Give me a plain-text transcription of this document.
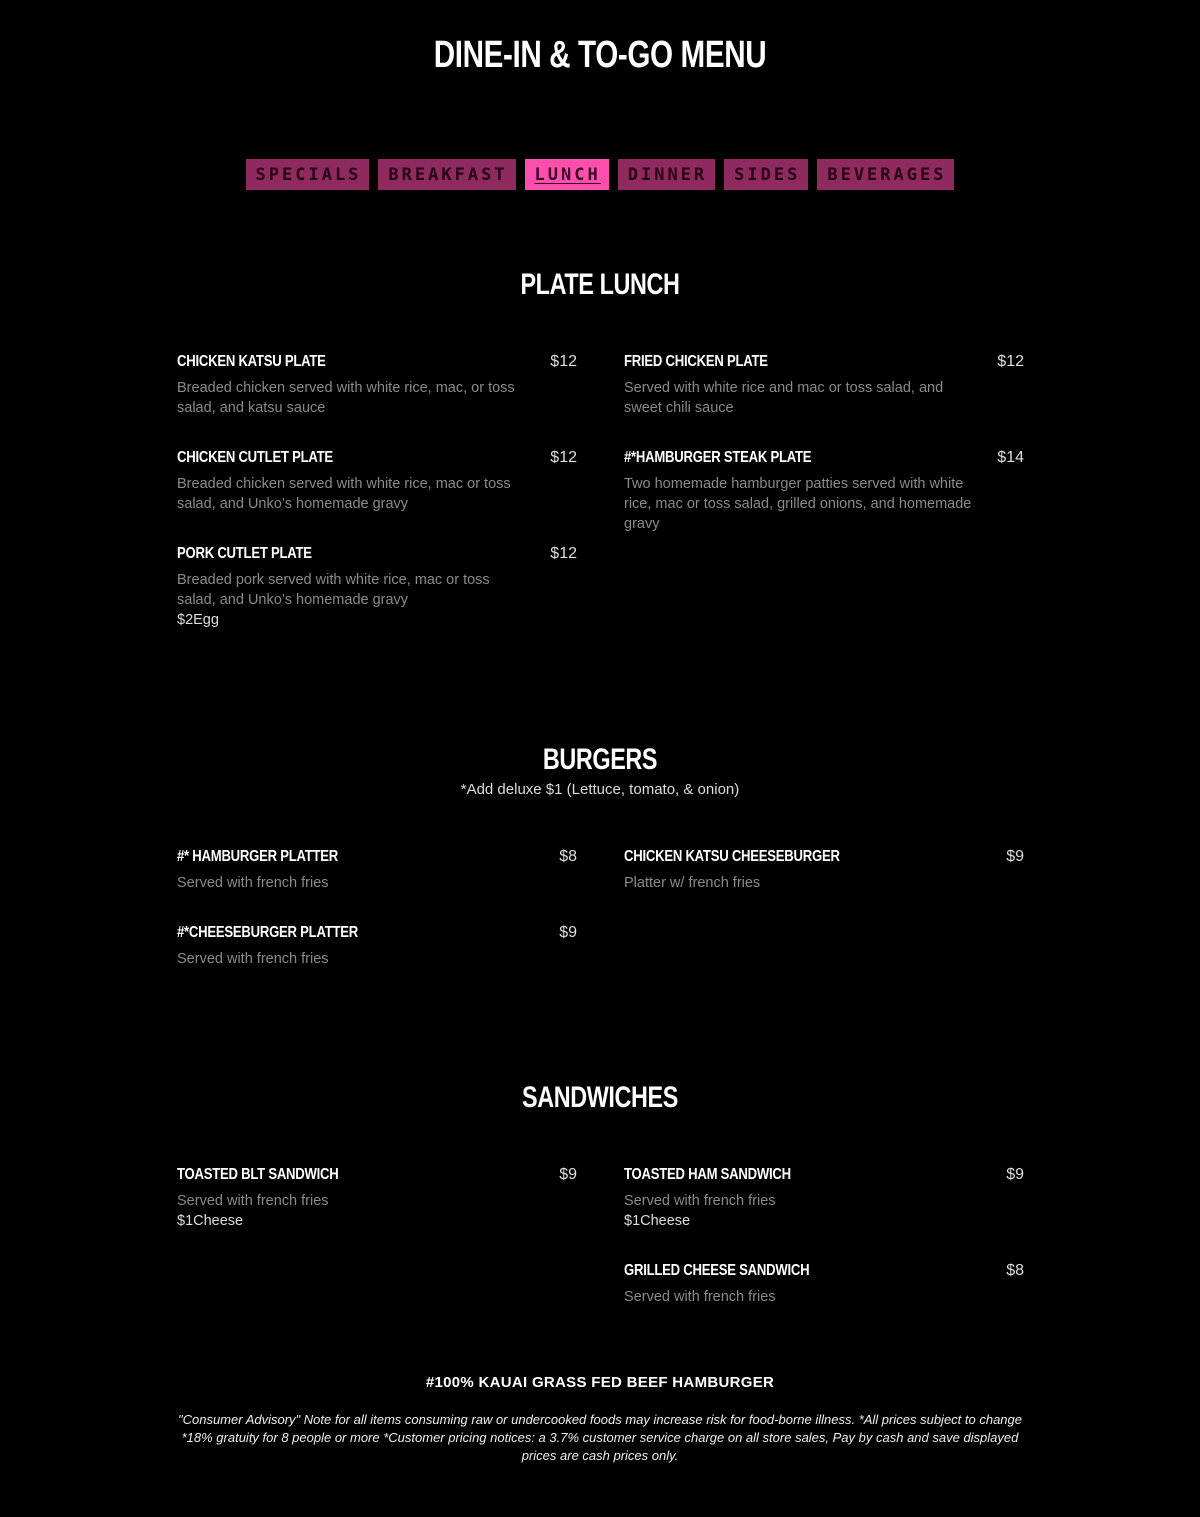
DINE-IN & TO-GO MENU
SPECIALS	BREAKFAST	LUNCH	DINNER	SIDES	BEVERAGES
PLATE LUNCH
CHICKEN KATSU PLATE	$12
Breaded chicken served with white rice, mac, or toss salad, and katsu sauce
CHICKEN CUTLET PLATE	$12
Breaded chicken served with white rice, mac or toss salad, and Unko’s homemade gravy
PORK CUTLET PLATE	$12
Breaded pork served with white rice, mac or toss salad, and Unko’s homemade gravy
$2Egg
FRIED CHICKEN PLATE	$12
Served with white rice and mac or toss salad, and sweet chili sauce
#*HAMBURGER STEAK PLATE	$14
Two homemade hamburger patties served with white rice, mac or toss salad, grilled onions, and homemade gravy
BURGERS
*Add deluxe $1 (Lettuce, tomato, & onion)
#* HAMBURGER PLATTER	$8
Served with french fries
#*CHEESEBURGER PLATTER	$9
Served with french fries
CHICKEN KATSU CHEESEBURGER	$9
Platter w/ french fries
SANDWICHES
TOASTED BLT SANDWICH	$9
Served with french fries
$1Cheese
TOASTED HAM SANDWICH	$9
Served with french fries
$1Cheese
GRILLED CHEESE SANDWICH	$8
Served with french fries
#100% KAUAI GRASS FED BEEF HAMBURGER
"Consumer Advisory" Note for all items consuming raw or undercooked foods may increase risk for food-borne illness. *All prices subject to change *18% gratuity for 8 people or more *Customer pricing notices: a 3.7% customer service charge on all store sales, Pay by cash and save displayed prices are cash prices only.
